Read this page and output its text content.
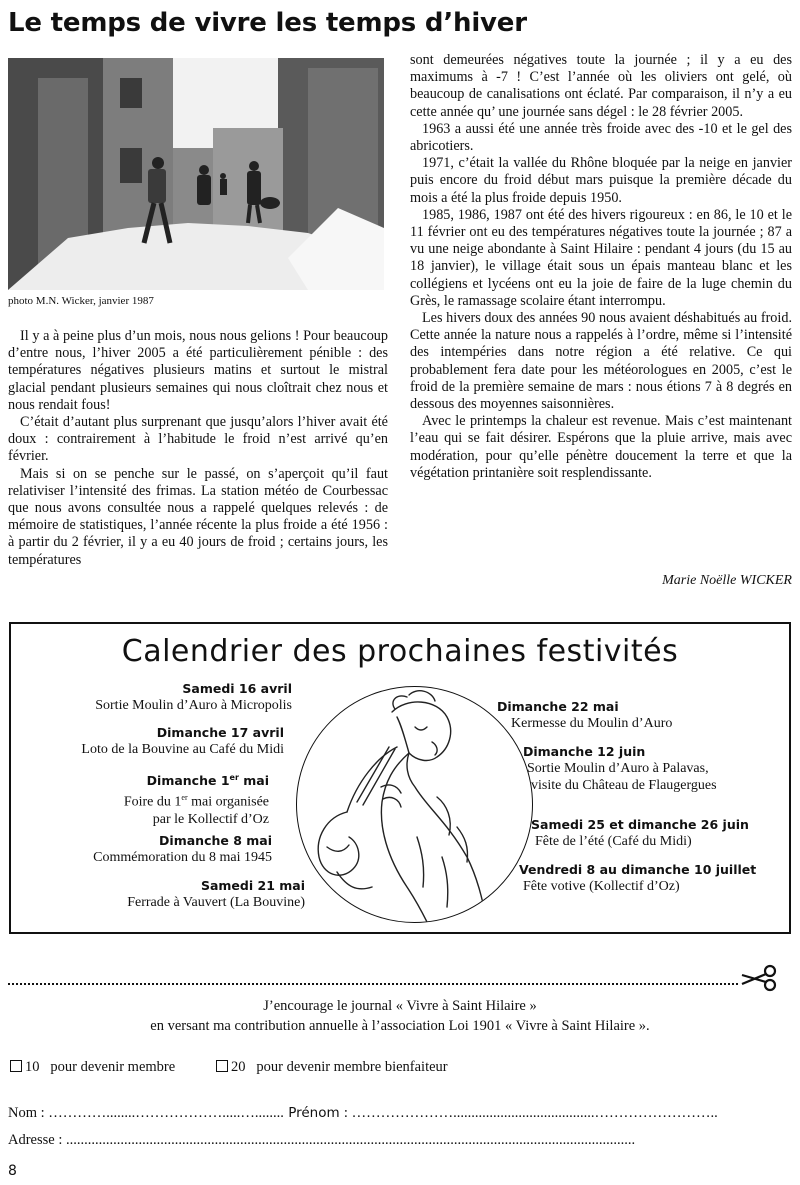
Le temps de vivre les temps d’hiver
photo M.N. Wicker, janvier 1987

Il y a à peine plus d’un mois, nous nous gelions ! Pour beaucoup d’entre nous, l’hiver 2005 a été particulièrement pénible : des températures négatives plusieurs matins et surtout le mistral glacial pendant plusieurs semaines qui nous cloîtrait chez nous et nous rendait fous!

C’était d’autant plus surprenant que jusqu’alors l’hiver avait été doux : contrairement à l’habitude le froid n’est arrivé qu’en février.

Mais si on se penche sur le passé, on s’aperçoit qu’il faut relativiser l’intensité des frimas. La station météo de Courbessac que nous avons consultée nous a rappelé quelques relevés : de mémoire de statistiques, l’année récente la plus froide a été 1956 : à partir du 2 février, il y a eu 40 jours de froid ; certains jours, les températures

sont demeurées négatives toute la journée ; il y a eu des maximums à -7 ! C’est l’année où les oliviers ont gelé, où beaucoup de canalisations ont éclaté. Par comparaison, il n’y a eu cette année qu’ une journée sans dégel : le 28 février 2005.

1963 a aussi été une année très froide avec des -10 et le gel des abricotiers.

1971, c’était la vallée du Rhône bloquée par la neige en janvier puis encore du froid début mars puisque la première décade du mois a été la plus froide depuis 1950.

1985, 1986, 1987 ont été des hivers rigoureux : en 86, le 10 et le 11 février ont eu des températures négatives toute la journée ; 87 a vu une neige abondante à Saint Hilaire : pendant 4 jours (du 15 au 18 janvier), le village était sous un épais manteau blanc et les collégiens et lycéens ont eu la joie de faire de la luge chemin du Grès, le ramassage scolaire étant interrompu.

Les hivers doux des années 90 nous avaient déshabitués au froid. Cette année la nature nous a rappelés à l’ordre, même si l’intensité des intempéries dans notre région a été relative. Ce qui probablement fera date pour les météorologues en 2005, c’est le froid de la première semaine de mars : nous étions 7 à 8 degrés en dessous des moyennes saisonnières.

Avec le printemps la chaleur est revenue. Mais c’est maintenant l’eau qui se fait désirer. Espérons que la pluie arrive, mais avec modération, pour qu’elle pénètre doucement la terre et que la végétation printanière soit resplendissante.

Marie Noëlle WICKER
Calendrier des prochaines festivités
Samedi 16 avril
Sortie Moulin d’Auro à Micropolis
Dimanche 17 avril
Loto de la Bouvine au Café du Midi
Dimanche 1er mai
Foire du 1er mai organisée
par le Kollectif d’Oz
Dimanche 8 mai
Commémoration du 8 mai 1945
Samedi 21 mai
Ferrade à Vauvert (La Bouvine)
Dimanche 22 mai
Kermesse du Moulin d’Auro
Dimanche 12 juin
Sortie Moulin d’Auro à Palavas,
visite du Château de Flaugergues
Samedi 25 et dimanche 26 juin
Fête de l’été (Café du Midi)
Vendredi 8 au dimanche 10 juillet
Fête votive (Kollectif d’Oz)
J’encourage le journal « Vivre à Saint Hilaire »
en versant ma contribution annuelle à l’association Loi 1901 « Vivre à Saint Hilaire ».
10 pour devenir membre	20 pour devenir membre bienfaiteur
Nom : …………........……………….....…........ Prénom : ………………….......................................……………………..
Adresse : .............................................................................................................................................................
8
